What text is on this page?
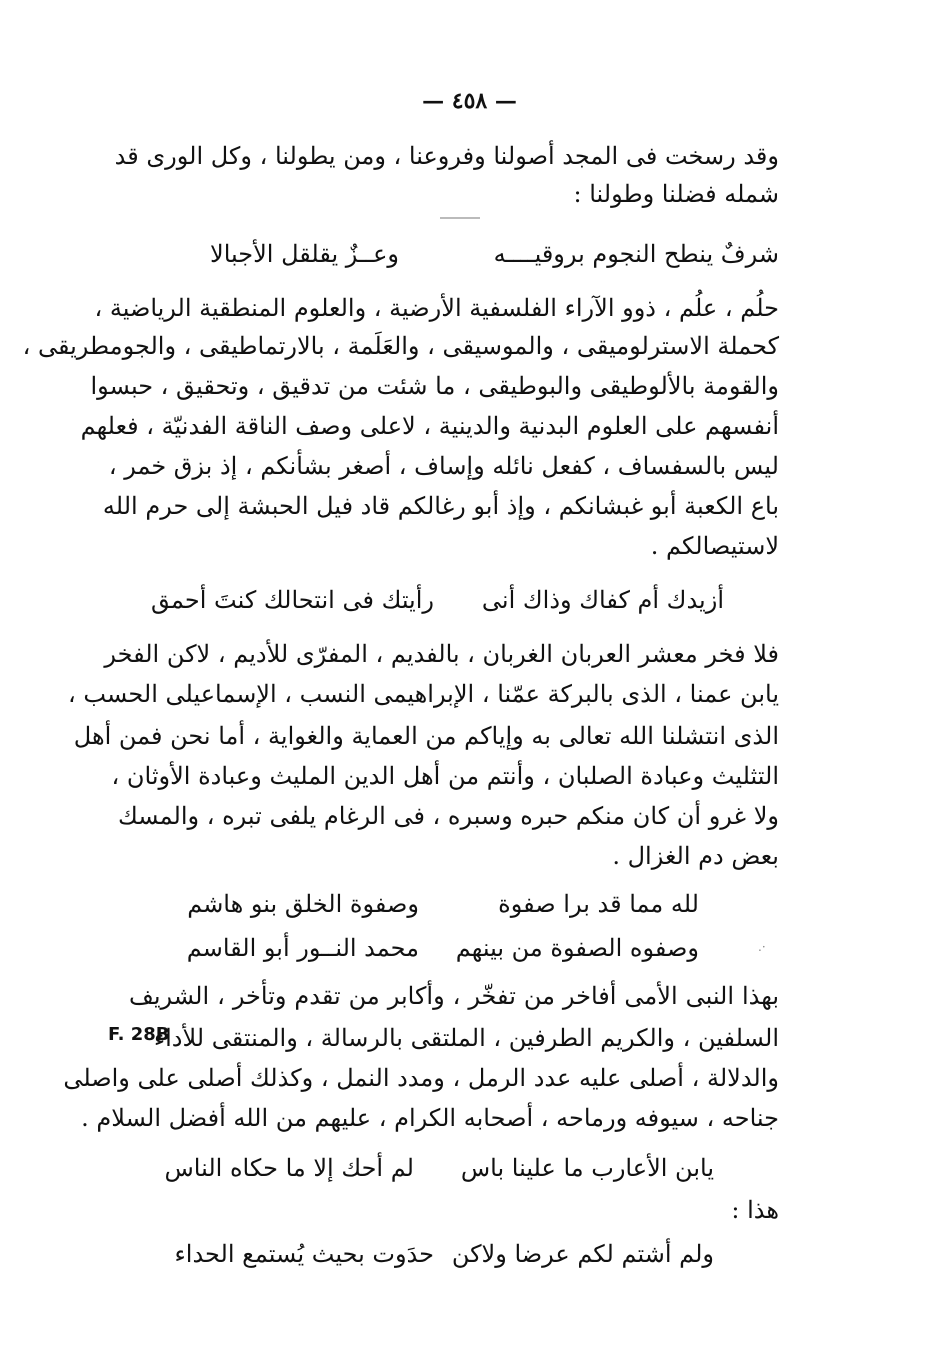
— ٤٥٨ —
وقد رسخت فى المجد أصولنا وفروعنا ، ومن يطولنا ، وكل الورى قد
شمله فضلنا وطولنا :
شرفٌ ينطح النجوم بروقيــــه
وعــزٌ يقلقل الأجبالا
حلُم ، علُم ، ذوو الآراء الفلسفية الأرضية ، والعلوم المنطقية الرياضية ،
كحملة الاسترلوميقى ، والموسيقى ، والعَلَمة ، بالارتماطيقى ، والجومطريقى ،
والقومة بالألوطيقى والبوطيقى ، ما شئت من تدقيق ، وتحقيق ، حبسوا
أنفسهم على العلوم البدنية والدينية ، لاعلى وصف الناقة الفدنيّة ، فعلهم
ليس بالسفساف ، كفعل نائله وإساف ، أصغر بشأنكم ، إذ بزق خمر ،
باع الكعبة أبو غبشانكم ، وإذ أبو رغالكم قاد فيل الحبشة إلى حرم الله
لاستيصالكم .
أزيدك أم كفاك وذاك أنى
رأيتك فى انتحالك كنتَ أحمق
فلا فخر معشر العربان الغربان ، بالفديم ، المفرّى للأديم ، لاكن الفخر
يابن عمنا ، الذى بالبركة عمّنا ، الإبراهيمى النسب ، الإسماعيلى الحسب ،
الذى انتشلنا الله تعالى به وإياكم من العماية والغواية ، أما نحن فمن أهل
التثليث وعبادة الصلبان ، وأنتم من أهل الدين المليث وعبادة الأوثان ،
ولا غرو أن كان منكم حبره وسبره ، فى الرغام يلفى تبره ، والمسك
بعض دم الغزال .
لله مما قد برا صفوة
وصفوة الخلق بنو هاشم
وصفوه الصفوة من بينهم
محمد النــور أبو القاسم	·.
بهذا النبى الأمى أفاخر من تفخّر ، وأكابر من تقدم وتأخر ، الشريف
السلفين ، والكريم الطرفين ، الملتقى بالرسالة ، والمنتقى للأداء
F. 28B
والدلالة ، أصلى عليه عدد الرمل ، ومدد النمل ، وكذلك أصلى على واصلى
جناحه ، سيوفه ورماحه ، أصحابه الكرام ، عليهم من الله أفضل السلام .
يابن الأعارب ما علينا باس
لم أحك إلا ما حكاه الناس
هذا :
ولم أشتم لكم عرضا ولاكن
حدَوت بحيث يُستمع الحداء
